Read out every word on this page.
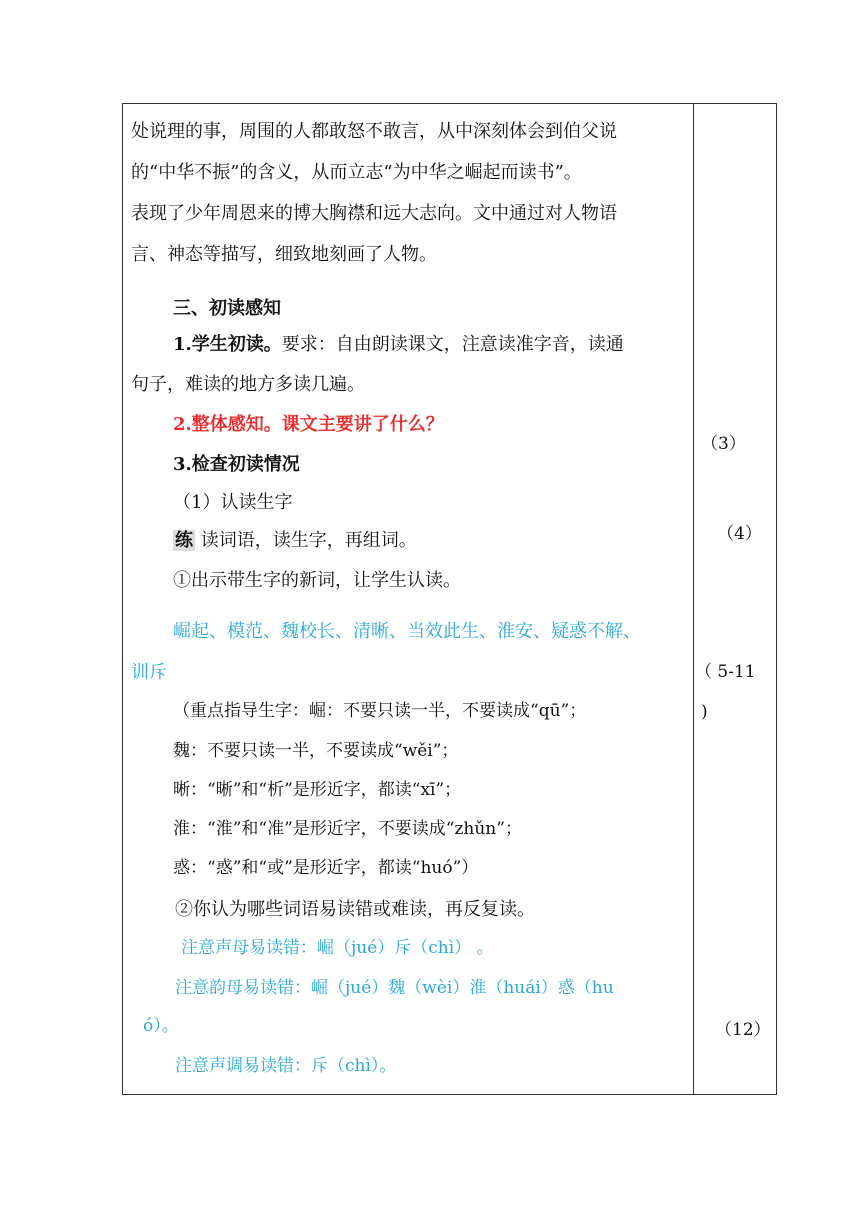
处说理的事，周围的人都敢怒不敢言，从中深刻体会到伯父说
的“中华不振”的含义，从而立志“为中华之崛起而读书”。
表现了少年周恩来的博大胸襟和远大志向。文中通过对人物语
言、神态等描写，细致地刻画了人物。
三、初读感知
1.学生初读。要求：自由朗读课文，注意读准字音，读通
句子，难读的地方多读几遍。
2.整体感知。课文主要讲了什么？
3.检查初读情况
（1）认读生字
练 读词语，读生字，再组词。
①出示带生字的新词，让学生认读。
崛起、模范、魏校长、清晰、当效此生、淮安、疑惑不解、
训斥
（重点指导生字：崛：不要只读一半，不要读成“qū”；
魏：不要只读一半，不要读成“wěi”；
晰：“晰”和“析”是形近字，都读“xī”；
淮：“淮”和“准”是形近字，不要读成“zhǔn”；
惑：“惑”和“或”是形近字，都读“huó”）
②你认为哪些词语易读错或难读，再反复读。
注意声母易读错：崛（jué）斥（chì） 。
注意韵母易读错：崛（jué）魏（wèi）淮（huái）惑（hu
ó）。
注意声调易读错：斥（chì）。
（3）
（4）
（ 5-11
)
（12）
